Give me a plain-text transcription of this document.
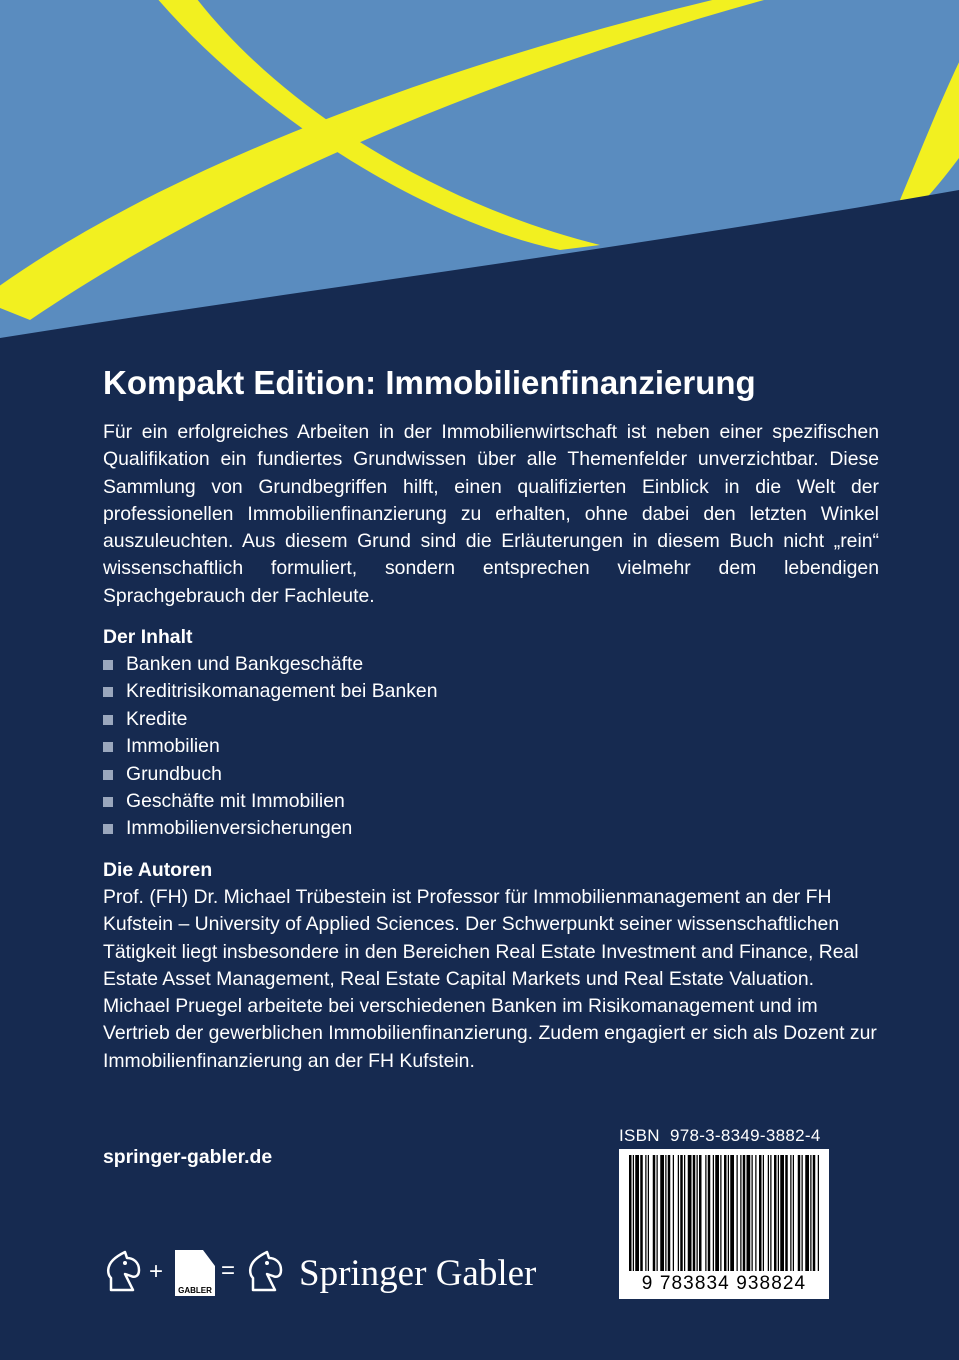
Kompakt Edition: Immobilienfinanzierung

Für ein erfolgreiches Arbeiten in der Immobilienwirtschaft ist neben einer spezifischen Qualifikation ein fundiertes Grundwissen über alle Themenfelder unverzichtbar. Diese Sammlung von Grundbegriffen hilft, einen qualifizierten Einblick in die Welt der professionellen Immobilienfinanzierung zu erhalten, ohne dabei den letzten Winkel auszuleuchten. Aus diesem Grund sind die Erläuterungen in diesem Buch nicht „rein“ wissenschaftlich formuliert, sondern entsprechen vielmehr dem lebendigen Sprachgebrauch der Fachleute.

Der Inhalt
Banken und Bankgeschäfte
Kreditrisikomanagement bei Banken
Kredite
Immobilien
Grundbuch
Geschäfte mit Immobilien
Immobilienversicherungen
Die Autoren

Prof. (FH) Dr. Michael Trübestein ist Professor für Immobilienmanagement an der FH Kufstein – University of Applied Sciences. Der Schwerpunkt seiner wissenschaftlichen Tätigkeit liegt insbesondere in den Bereichen Real Estate Investment and Finance, Real Estate Asset Management, Real Estate Capital Markets und Real Estate Valuation.
Michael Pruegel arbeitete bei verschiedenen Banken im Risikomanagement und im Vertrieb der gewerblichen Immobilienfinanzierung. Zudem engagiert er sich als Dozent zur Immobilienfinanzierung an der FH Kufstein.

springer-gabler.de

ISBN 978-3-8349-3882-4

9 783834 938824
+
GABLER
= Springer Gabler
